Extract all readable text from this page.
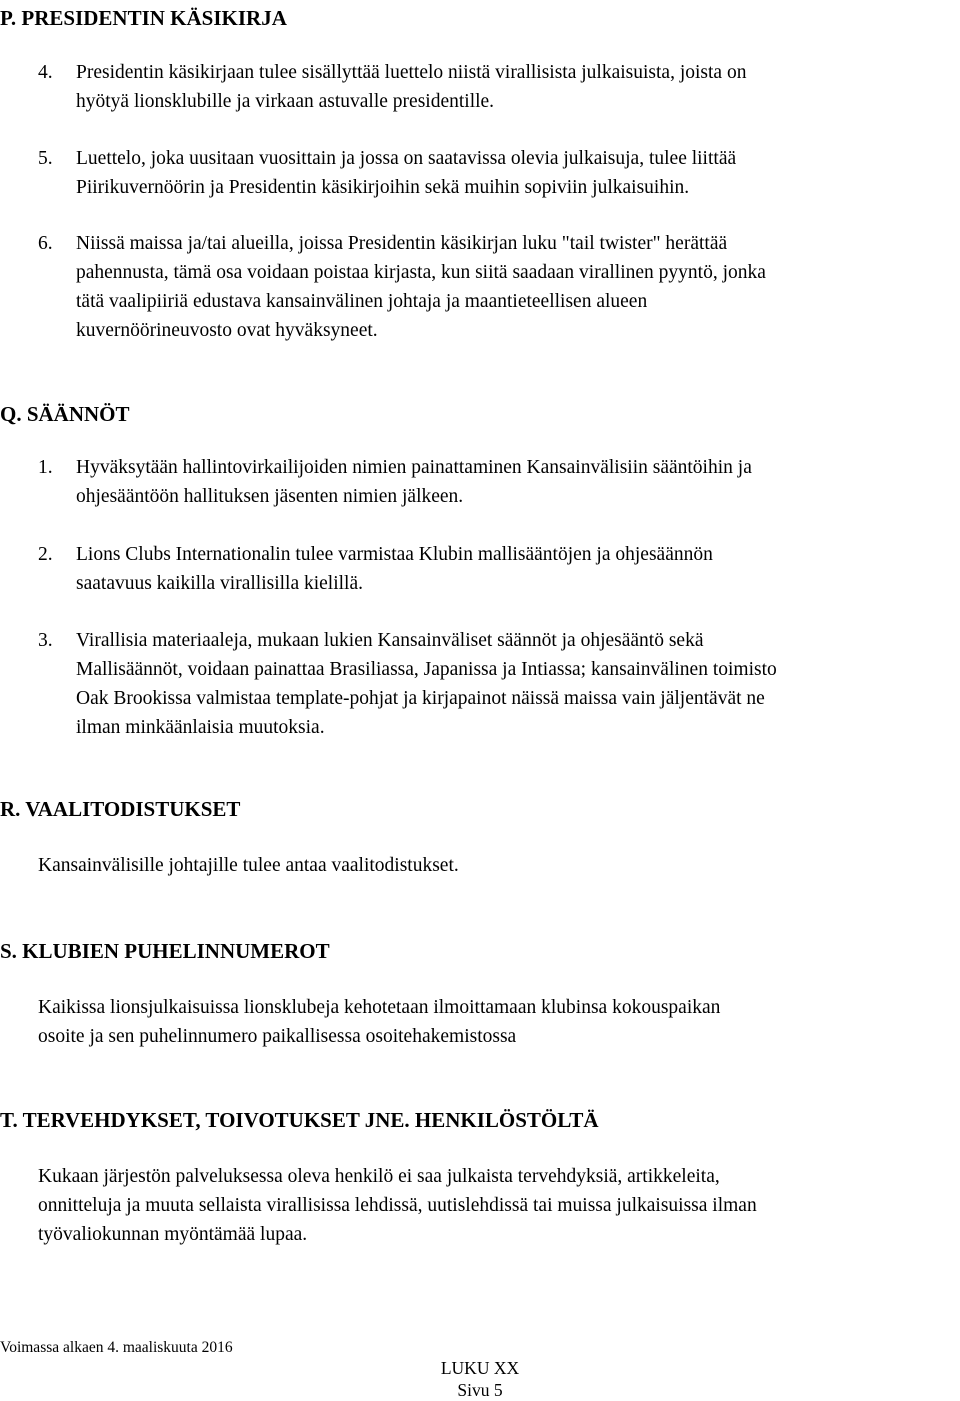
P. PRESIDENTIN KÄSIKIRJA
4. Presidentin käsikirjaan tulee sisällyttää luettelo niistä virallisista julkaisuista, joista on
hyötyä lionsklubille ja virkaan astuvalle presidentille.
5. Luettelo, joka uusitaan vuosittain ja jossa on saatavissa olevia julkaisuja, tulee liittää
Piirikuvernöörin ja Presidentin käsikirjoihin sekä muihin sopiviin julkaisuihin.
6. Niissä maissa ja/tai alueilla, joissa Presidentin käsikirjan luku "tail twister" herättää
pahennusta, tämä osa voidaan poistaa kirjasta, kun siitä saadaan virallinen pyyntö, jonka
tätä vaalipiiriä edustava kansainvälinen johtaja ja maantieteellisen alueen
kuvernöörineuvosto ovat hyväksyneet.
Q. SÄÄNNÖT
1. Hyväksytään hallintovirkailijoiden nimien painattaminen Kansainvälisiin sääntöihin ja
ohjesääntöön hallituksen jäsenten nimien jälkeen.
2. Lions Clubs Internationalin tulee varmistaa Klubin mallisääntöjen ja ohjesäännön
saatavuus kaikilla virallisilla kielillä.
3. Virallisia materiaaleja, mukaan lukien Kansainväliset säännöt ja ohjesääntö sekä
Mallisäännöt, voidaan painattaa Brasiliassa, Japanissa ja Intiassa; kansainvälinen toimisto
Oak Brookissa valmistaa template-pohjat ja kirjapainot näissä maissa vain jäljentävät ne
ilman minkäänlaisia muutoksia.
R. VAALITODISTUKSET
Kansainvälisille johtajille tulee antaa vaalitodistukset.
S. KLUBIEN PUHELINNUMEROT
Kaikissa lionsjulkaisuissa lionsklubeja kehotetaan ilmoittamaan klubinsa kokouspaikan
osoite ja sen puhelinnumero paikallisessa osoitehakemistossa
T. TERVEHDYKSET, TOIVOTUKSET JNE. HENKILÖSTÖLTÄ
Kukaan järjestön palveluksessa oleva henkilö ei saa julkaista tervehdyksiä, artikkeleita,
onnitteluja ja muuta sellaista virallisissa lehdissä, uutislehdissä tai muissa julkaisuissa ilman
työvaliokunnan myöntämää lupaa.
Voimassa alkaen 4. maaliskuuta 2016
LUKU XX
Sivu 5
